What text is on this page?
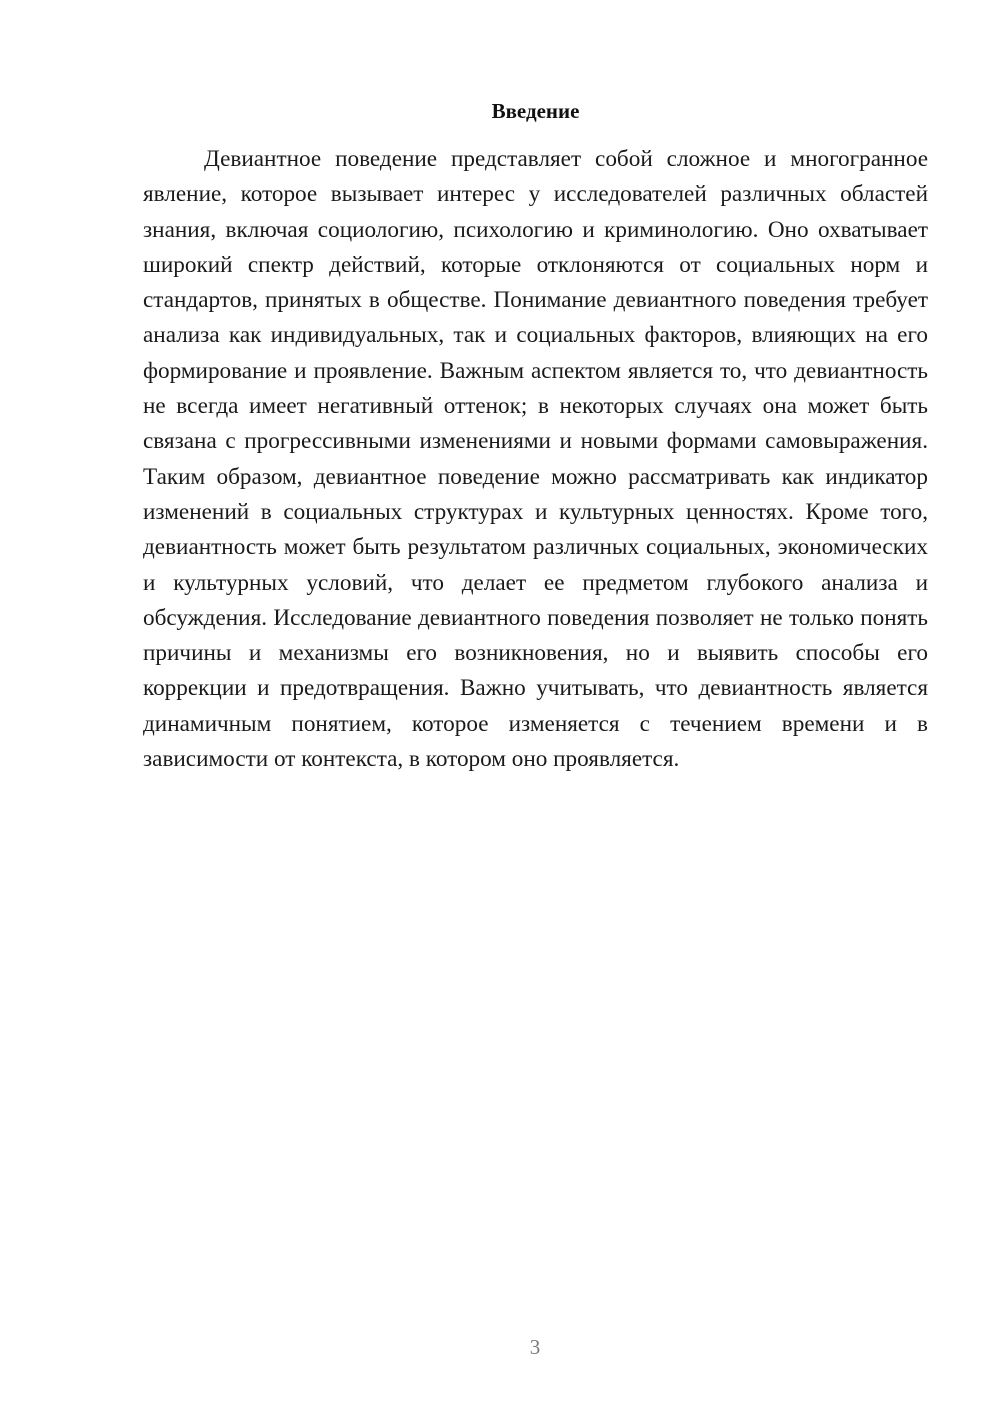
Введение

Девиантное поведение представляет собой сложное и многогранное явление, которое вызывает интерес у исследователей различных областей знания, включая социологию, психологию и криминологию. Оно охватывает широкий спектр действий, которые отклоняются от социальных норм и стандартов, принятых в обществе. Понимание девиантного поведения требует анализа как индивидуальных, так и социальных факторов, влияющих на его формирование и проявление. Важным аспектом является то, что девиантность не всегда имеет негативный оттенок; в некоторых случаях она может быть связана с прогрессивными изменениями и новыми формами самовыражения. Таким образом, девиантное поведение можно рассматривать как индикатор изменений в социальных структурах и культурных ценностях. Кроме того, девиантность может быть результатом различных социальных, экономических и культурных условий, что делает ее предметом глубокого анализа и обсуждения. Исследование девиантного поведения позволяет не только понять причины и механизмы его возникновения, но и выявить способы его коррекции и предотвращения. Важно учитывать, что девиантность является динамичным понятием, которое изменяется с течением времени и в зависимости от контекста, в котором оно проявляется.

3
